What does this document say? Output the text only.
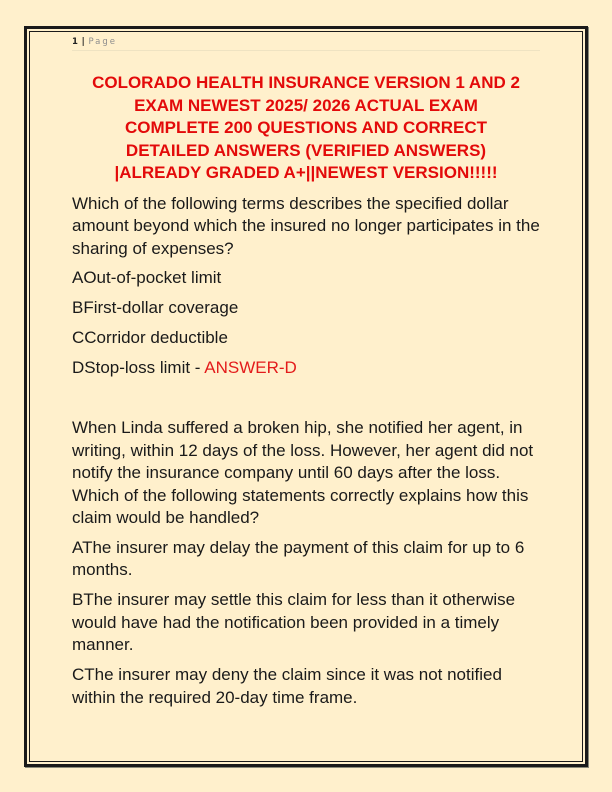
1 | Page
COLORADO HEALTH INSURANCE VERSION 1 AND 2
EXAM NEWEST 2025/ 2026 ACTUAL EXAM
COMPLETE 200 QUESTIONS AND CORRECT
DETAILED ANSWERS (VERIFIED ANSWERS)
|ALREADY GRADED A+||NEWEST VERSION!!!!!

Which of the following terms describes the specified dollar amount beyond which the insured no longer participates in the sharing of expenses?

AOut-of-pocket limit

BFirst-dollar coverage

CCorridor deductible

DStop-loss limit - ANSWER-D

When Linda suffered a broken hip, she notified her agent, in writing, within 12 days of the loss. However, her agent did not notify the insurance company until 60 days after the loss. Which of the following statements correctly explains how this claim would be handled?

AThe insurer may delay the payment of this claim for up to 6 months.

BThe insurer may settle this claim for less than it otherwise would have had the notification been provided in a timely manner.

CThe insurer may deny the claim since it was not notified within the required 20-day time frame.
